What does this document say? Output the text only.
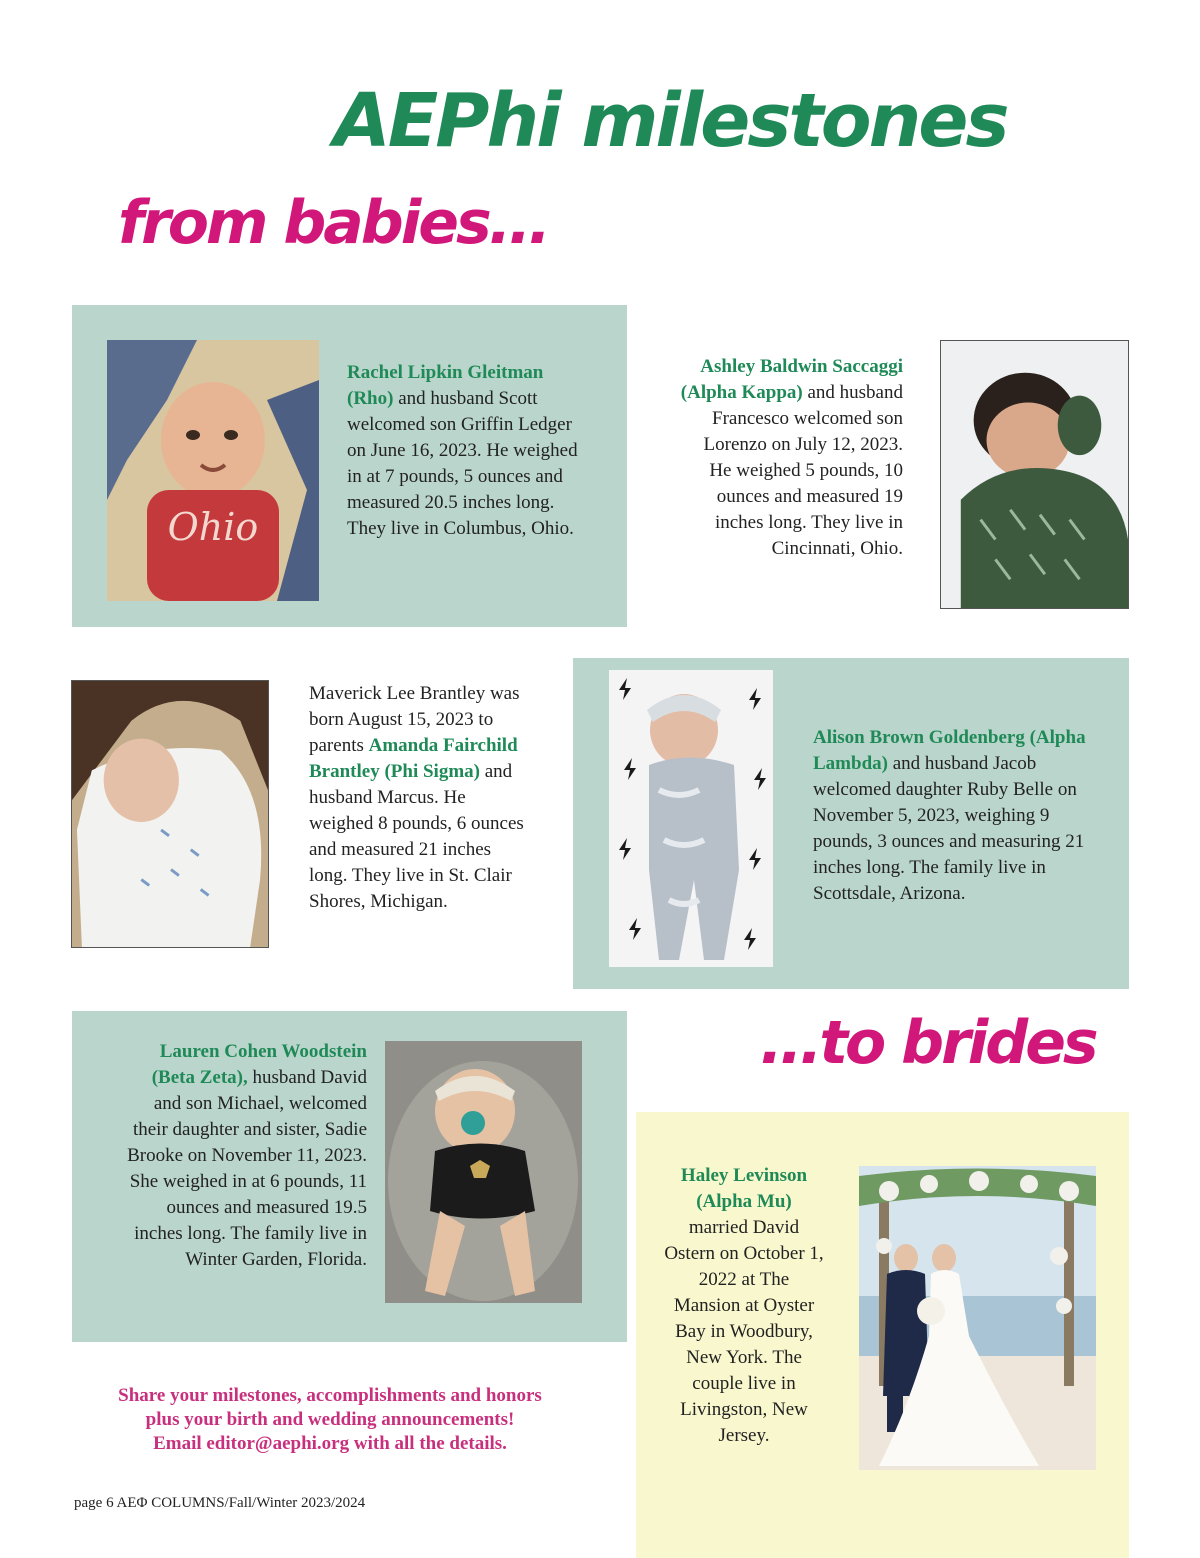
AEPhi milestones
from babies...
Ohio
Rachel Lipkin Gleitman (Rho) and husband Scott welcomed son Griffin Ledger on June 16, 2023. He weighed in at 7 pounds, 5 ounces and measured 20.5 inches long. They live in Columbus, Ohio.
Ashley Baldwin Saccaggi (Alpha Kappa) and husband Francesco welcomed son Lorenzo on July 12, 2023. He weighed 5 pounds, 10 ounces and measured 19 inches long. They live in Cincinnati, Ohio.
Maverick Lee Brantley was born August 15, 2023 to parents Amanda Fairchild Brantley (Phi Sigma) and husband Marcus. He weighed 8 pounds, 6 ounces and measured 21 inches long. They live in St. Clair Shores, Michigan.
Alison Brown Goldenberg (Alpha Lambda) and husband Jacob welcomed daughter Ruby Belle on November 5, 2023, weighing 9 pounds, 3 ounces and measuring 21 inches long. The family live in Scottsdale, Arizona.
Lauren Cohen Woodstein (Beta Zeta), husband David and son Michael, welcomed their daughter and sister, Sadie Brooke on November 11, 2023. She weighed in at 6 pounds, 11 ounces and measured 19.5 inches long. The family live in Winter Garden, Florida.
...to brides
Haley Levinson
(Alpha Mu)
married David Ostern on October 1, 2022 at The Mansion at Oyster Bay in Woodbury, New York. The couple live in Livingston, New Jersey.
Share your milestones, accomplishments and honors
plus your birth and wedding announcements!
Email editor@aephi.org with all the details.
page 6 AEΦ COLUMNS/Fall/Winter 2023/2024
